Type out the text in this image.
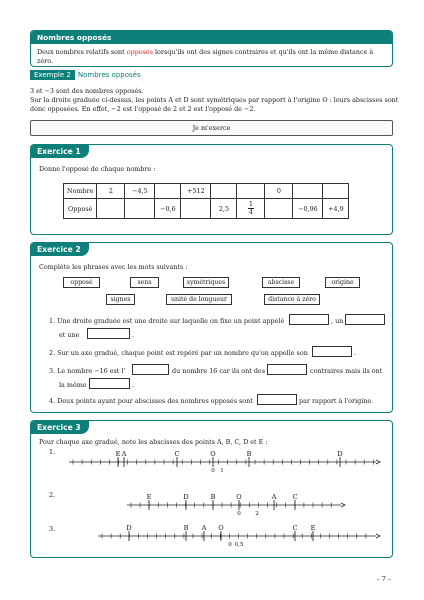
Nombres opposés
Deux nombres relatifs sont opposés lorsqu'ils ont des signes contraires et qu'ils ont la même distance à
zéro.
Exemple 2 Nombres opposés
3 et −3 sont des nombres opposés.
Sur la droite graduée ci-dessus, les points A et D sont symétriques par rapport à l'origine O : leurs abscisses sont
donc opposées. En effet, −2 est l'opposé de 2 et 2 est l'opposé de −2.
Je m'exerce
Exercice 1
Donne l'opposé de chaque nombre :
Nombre	2	−4,5		+512			0		
Opposé			−0,6		2,5	$\frac{1}{4}$		−0,96	+4,9
Exercice 2
Complète les phrases avec les mots suivants :
opposé	sens	symétriques	abscisse	origine
signes	unité de longueur	distance à zéro
1. Une droite graduée est une droite sur laquelle on fixe un point appelé	, un
et une	.
2. Sur un axe gradué, chaque point est repéré par un nombre qu'on appelle son	.
3. Le nombre −16 est l'	du nombre 16 car ils ont des	contraires mais ils ont
la même	.
4. Deux points ayant pour abscisses des nombres opposés sont	par rapport à l'origine.
Exercice 3
Pour chaque axe gradué, note les abscisses des points A, B, C, D et E :
1.
2.
3.
E A	C	O	B	D
0 1
E	D	B	O	A C
0	2
D	B A O	C E
0 0,5
– 7 –
